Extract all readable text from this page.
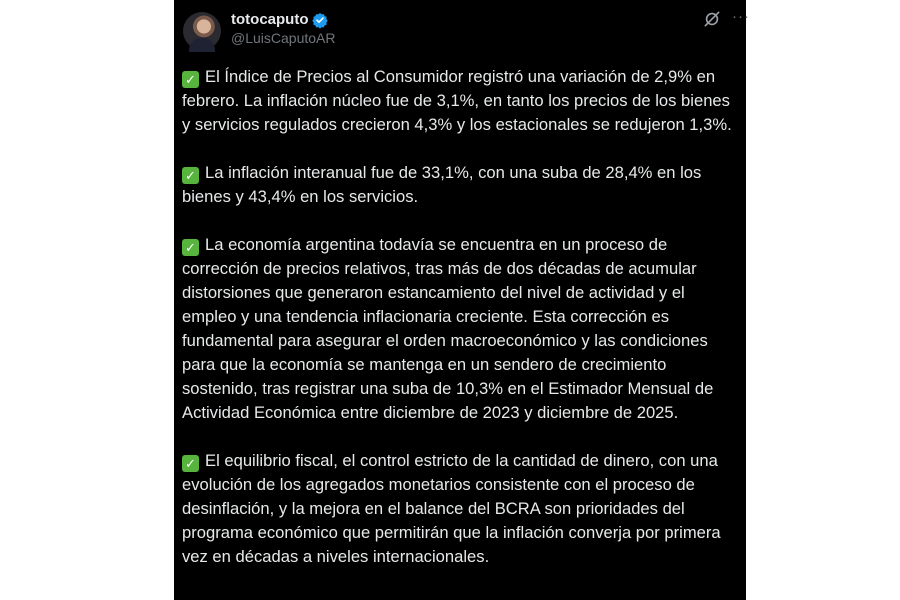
totocaputo
@LuisCaputoAR
···

✓ El Índice de Precios al Consumidor registró una variación de 2,9% en febrero. La inflación núcleo fue de 3,1%, en tanto los precios de los bienes y servicios regulados crecieron 4,3% y los estacionales se redujeron 1,3%.

✓ La inflación interanual fue de 33,1%, con una suba de 28,4% en los bienes y 43,4% en los servicios.

✓ La economía argentina todavía se encuentra en un proceso de corrección de precios relativos, tras más de dos décadas de acumular distorsiones que generaron estancamiento del nivel de actividad y el empleo y una tendencia inflacionaria creciente. Esta corrección es fundamental para asegurar el orden macroeconómico y las condiciones para que la economía se mantenga en un sendero de crecimiento sostenido, tras registrar una suba de 10,3% en el Estimador Mensual de Actividad Económica entre diciembre de 2023 y diciembre de 2025.

✓ El equilibrio fiscal, el control estricto de la cantidad de dinero, con una evolución de los agregados monetarios consistente con el proceso de desinflación, y la mejora en el balance del BCRA son prioridades del programa económico que permitirán que la inflación converja por primera vez en décadas a niveles internacionales.
